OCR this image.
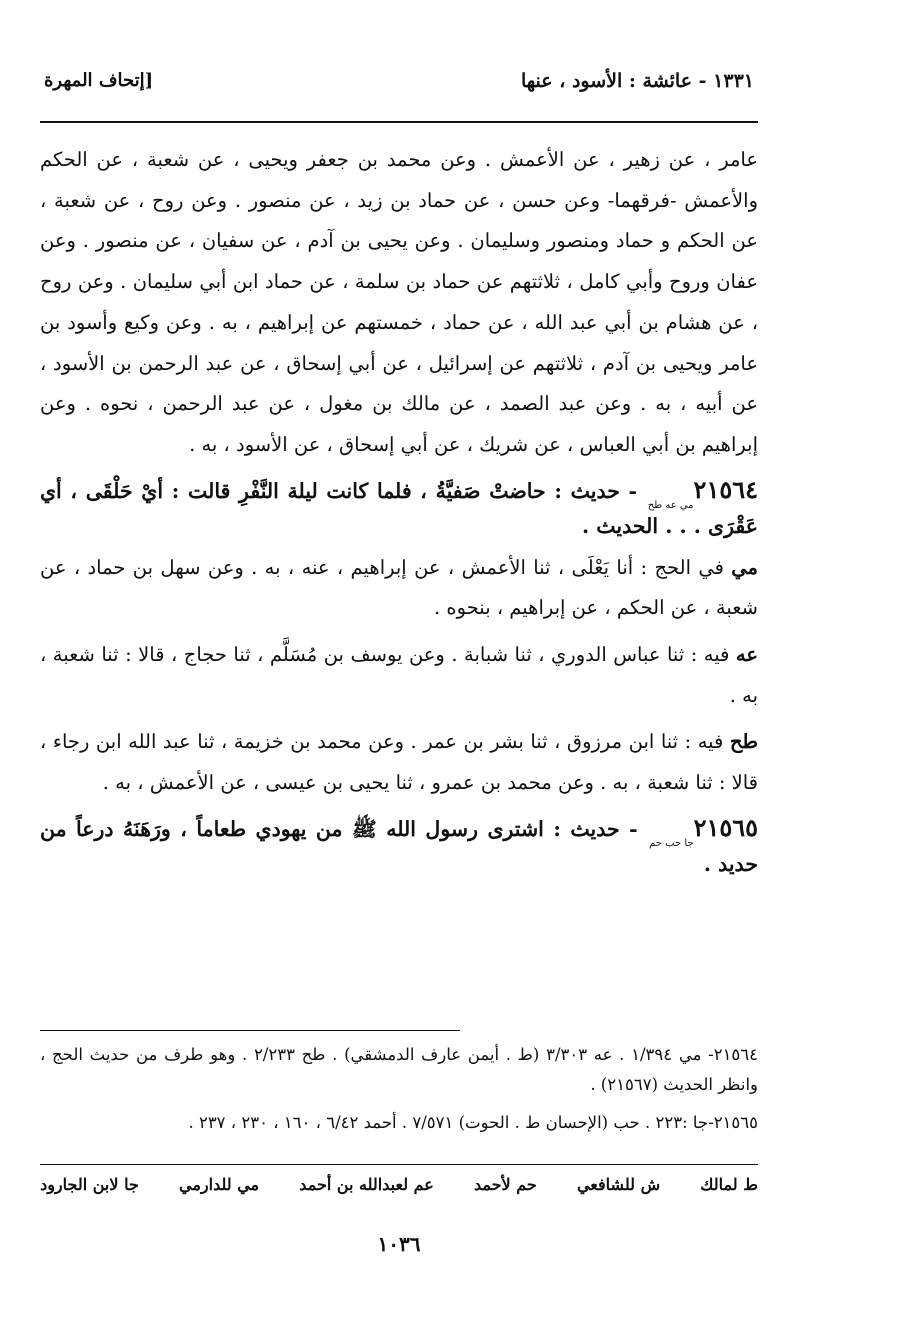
١٣٣١ - عائشة : الأسود ، عنها
[إتحاف المهرة

عامر ، عن زهير ، عن الأعمش . وعن محمد بن جعفر ويحيى ، عن شعبة ، عن الحكم والأعمش -فرقهما- وعن حسن ، عن حماد بن زيد ، عن منصور . وعن روح ، عن شعبة ، عن الحكم و حماد ومنصور وسليمان . وعن يحيى بن آدم ، عن سفيان ، عن منصور . وعن عفان وروح وأبي كامل ، ثلاثتهم عن حماد بن سلمة ، عن حماد ابن أبي سليمان . وعن روح ، عن هشام بن أبي عبد الله ، عن حماد ، خمستهم عن إبراهيم ، به . وعن وكيع وأسود بن عامر ويحيى بن آدم ، ثلاثتهم عن إسرائيل ، عن أبي إسحاق ، عن عبد الرحمن بن الأسود ، عن أبيه ، به . وعن عبد الصمد ، عن مالك بن مغول ، عن عبد الرحمن ، نحوه . وعن إبراهيم بن أبي العباس ، عن شريك ، عن أبي إسحاق ، عن الأسود ، به .

٢١٥٦٤مي عه طح - حديث : حاضتْ صَفيَّةُ ، فلما كانت ليلة النَّفْرِ قالت : أيْ حَلْقَى ، أي عَقْرَى . . . الحديث .

مي في الحج : أنا يَعْلَى ، ثنا الأعمش ، عن إبراهيم ، عنه ، به . وعن سهل بن حماد ، عن شعبة ، عن الحكم ، عن إبراهيم ، بنحوه .

عه فيه : ثنا عباس الدوري ، ثنا شبابة . وعن يوسف بن مُسَلَّم ، ثنا حجاج ، قالا : ثنا شعبة ، به .

طح فيه : ثنا ابن مرزوق ، ثنا بشر بن عمر . وعن محمد بن خزيمة ، ثنا عبد الله ابن رجاء ، قالا : ثنا شعبة ، به . وعن محمد بن عمرو ، ثنا يحيى بن عيسى ، عن الأعمش ، به .

٢١٥٦٥جا حب حم - حديث : اشترى رسول الله ﷺ من يهودي طعاماً ، ورَهَنَهُ درعاً من حديد .

٢١٥٦٤- مي ١/٣٩٤ . عه ٣/٣٠٣ (ط . أيمن عارف الدمشقي) . طح ٢/٢٣٣ . وهو طرف من حديث الحج ، وانظر الحديث (٢١٥٦٧) .

٢١٥٦٥-جا :٢٢٣ . حب (الإحسان ط . الحوت) ٧/٥٧١ . أحمد ٦/٤٢ ، ١٦٠ ، ٢٣٠ ، ٢٣٧ .

ط لمالك
ش للشافعي
حم لأحمد
عم لعبدالله بن أحمد
مي للدارمي
جا لابن الجارود
١٠٣٦
